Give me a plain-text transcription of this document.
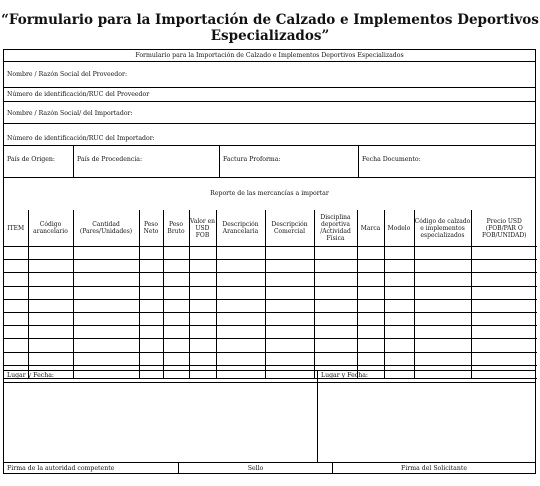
“Formulario para la Importación de Calzado e Implementos Deportivos
Especializados”
Formulario para la Importación de Calzado e Implementos Deportivos Especializados
Nombre / Razón Social del Proveedor:
Número de identificación/RUC del Proveedor
Nombre / Razón Social/ del Importador:
Número de identificación/RUC del Importador:
País de Origen:	País de Procedencia:	Factura Proforma:	Fecha Documento:
Reporte de las mercancías a importar
ITEM	Código arancelario	Cantidad (Pares/Unidades)	Peso Neto	Peso Bruto	Valor en USD FOB	Descripción Arancelaria	Descripción Comercial	Disciplina deportiva /Actividad Física	Marca	Modelo	Código de calzado e implementos especializados	Precio USD (FOB/PAR O FOB/UNIDAD)

Lugar y Fecha:	Lugar y Fecha:
Firma de la autoridad competente	Sello	Firma del Solicitante
